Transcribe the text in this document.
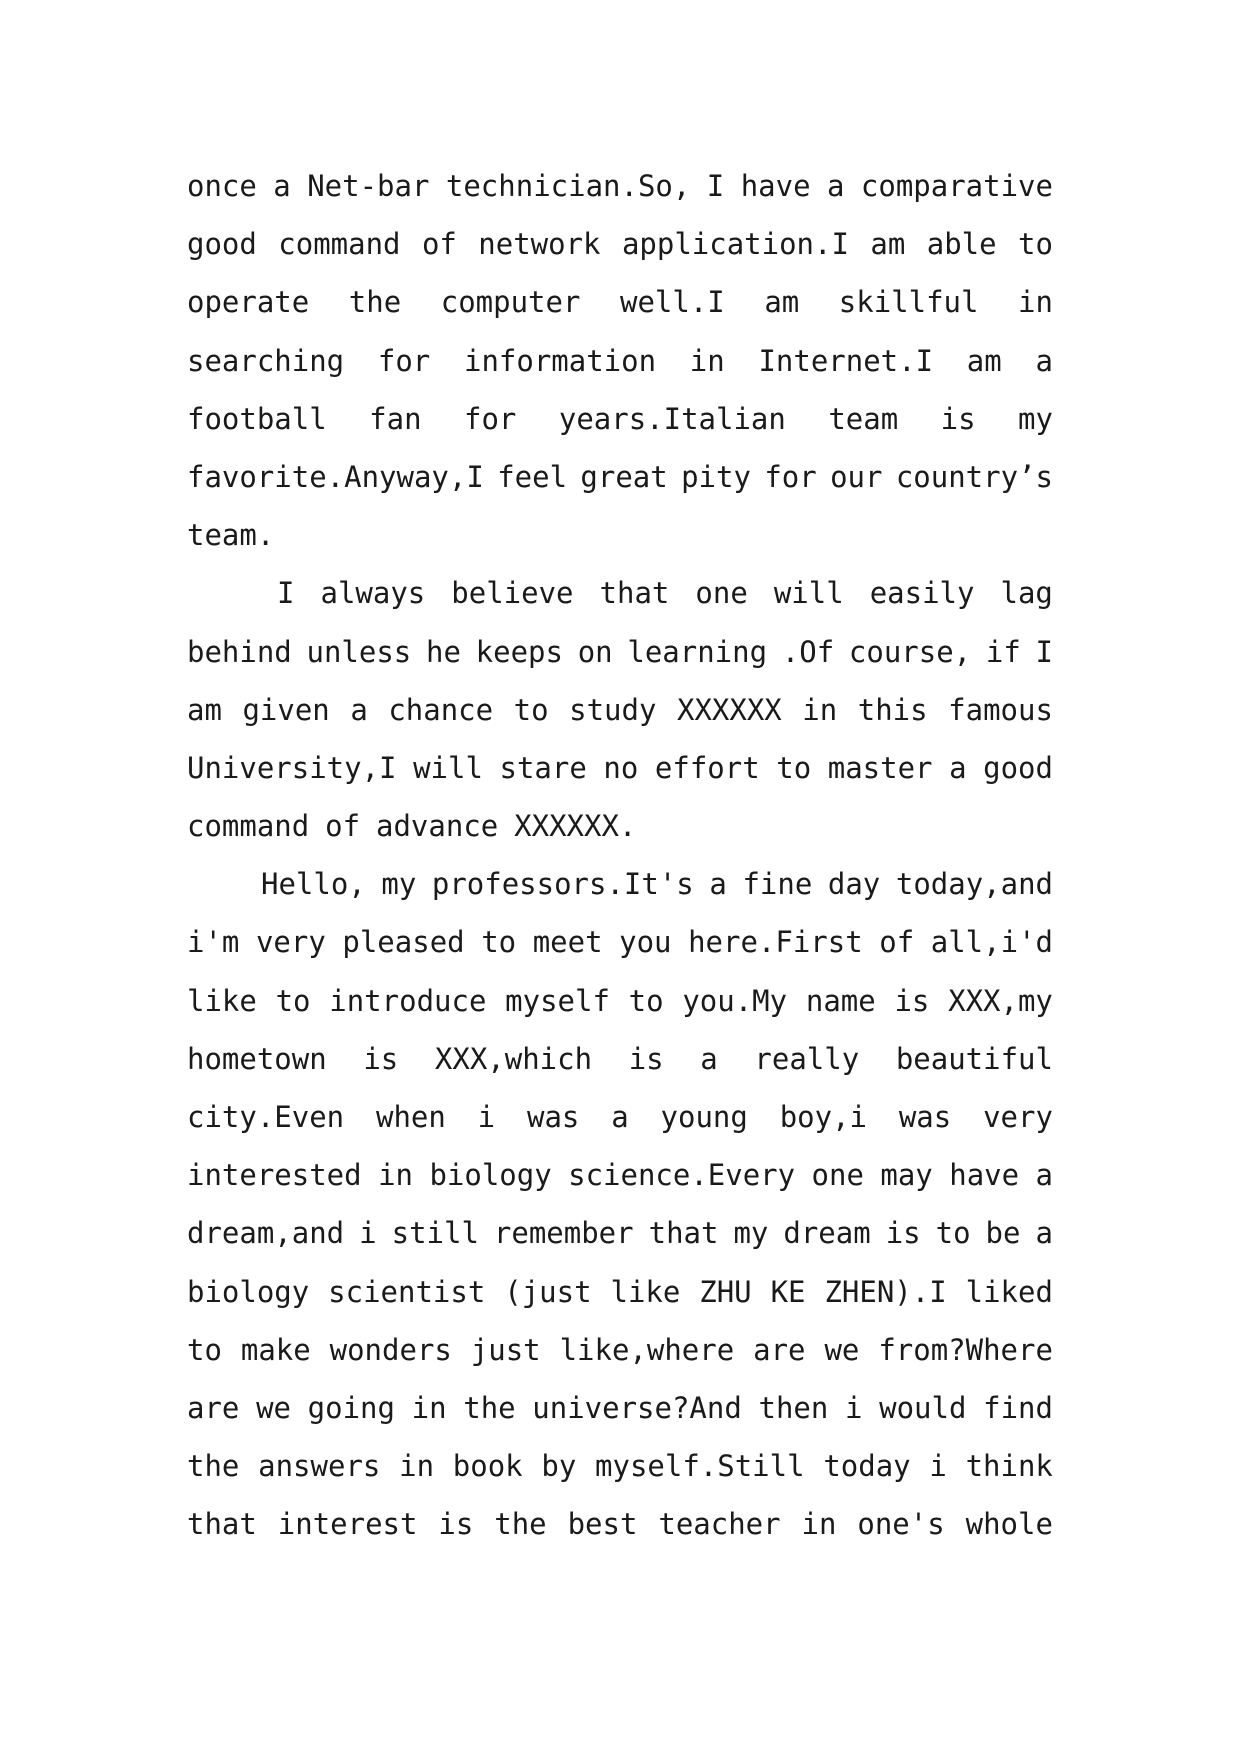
once a Net-bar technician.So, I have a comparative
good command of network application.I am able to
operate the computer well.I am skillful in
searching for information in Internet.I am a
football fan for years.Italian team is my
favorite.Anyway,I feel great pity for our country’s
team.
I always believe that one will easily lag
behind unless he keeps on learning .Of course, if I
am given a chance to study XXXXXX in this famous
University,I will stare no effort to master a good
command of advance XXXXXX.
Hello, my professors.It's a fine day today,and
i'm very pleased to meet you here.First of all,i'd
like to introduce myself to you.My name is XXX,my
hometown is XXX,which is a really beautiful
city.Even when i was a young boy,i was very
interested in biology science.Every one may have a
dream,and i still remember that my dream is to be a
biology scientist (just like ZHU KE ZHEN).I liked
to make wonders just like,where are we from?Where
are we going in the universe?And then i would find
the answers in book by myself.Still today i think
that interest is the best teacher in one's whole
